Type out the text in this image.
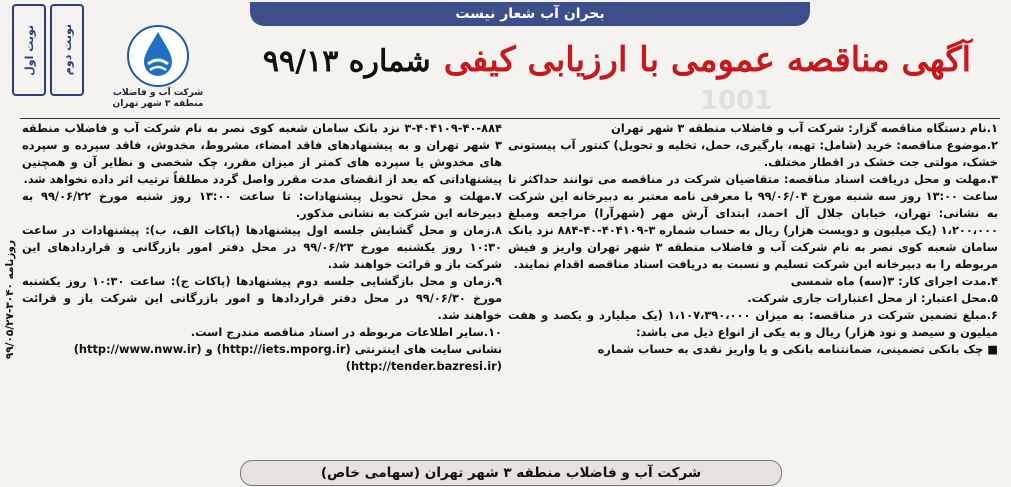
بحران آب شعار نیست
نوبت اول نوبت دوم
شرکت آب و فاضلاب
منطقه ۳ شهر تهران
آگهی مناقصه عمومی با ارزیابی کیفی شماره ۹۹/۱۳
1001

۱.نام دستگاه مناقصه گزار: شرکت آب و فاضلاب منطقه ۳ شهر تهران

۲.موضوع مناقصه: خرید (شامل: تهیه، بارگیری، حمل، تخلیه و تحویل) کنتور آب پیستونی خشک، مولتی جت خشک در اقطار مختلف.

۳.مهلت و محل دریافت اسناد مناقصه: متقاضیان شرکت در مناقصه می توانند حداکثر تا ساعت ۱۳:۰۰ روز سه شنبه مورخ ۹۹/۰۶/۰۴ با معرفی نامه معتبر به دبیرخانه این شرکت به نشانی: تهران، خیابان جلال آل احمد، ابتدای آرش مهر (شهرآرا) مراجعه ومبلغ ۱،۲۰۰،۰۰۰ (یک میلیون و دویست هزار) ریال به حساب شماره ۳-۴۰۴۱۰۹-۴۰-۸۸۴ نزد بانک سامان شعبه کوی نصر به نام شرکت آب و فاضلاب منطقه ۳ شهر تهران واریز و فیش مربوطه را به دبیرخانه این شرکت تسلیم و نسبت به دریافت اسناد مناقصه اقدام نمایند.

۴.مدت اجرای کار: ۳(سه) ماه شمسی

۵.محل اعتبار: از محل اعتبارات جاری شرکت.

۶.مبلغ تضمین شرکت در مناقصه: به میزان ۱،۱۰۷،۳۹۰،۰۰۰ (یک میلیارد و یکصد و هفت میلیون و سیصد و نود هزار) ریال و به یکی از انواع ذیل می باشد:

■ چک بانکی تضمینی، ضمانتنامه بانکی و یا واریز نقدی به حساب شماره

۳-۴۰۴۱۰۹-۴۰-۸۸۴ نزد بانک سامان شعبه کوی نصر به نام شرکت آب و فاضلاب منطقه ۳ شهر تهران و به پیشنهادهای فاقد امضاء، مشروط، مخدوش، فاقد سپرده و سپرده های مخدوش یا سپرده های کمتر از میزان مقرر، چک شخصی و نظایر آن و همچنین پیشنهاداتی که بعد از انقضای مدت مقرر واصل گردد مطلقاً ترتیب اثر داده نخواهد شد.

۷.مهلت و محل تحویل پیشنهادات: تا ساعت ۱۳:۰۰ روز شنبه مورخ ۹۹/۰۶/۲۲ به دبیرخانه این شرکت به نشانی مذکور.

۸.زمان و محل گشایش جلسه اول پیشنهادها (پاکات الف، ب): پیشنهادات در ساعت ۱۰:۳۰ روز یکشنبه مورخ ۹۹/۰۶/۲۳ در محل دفتر امور بازرگانی و قراردادهای این شرکت باز و قرائت خواهند شد.

۹.زمان و محل بازگشایی جلسه دوم پیشنهادها (پاکات ج): ساعت ۱۰:۳۰ روز یکشنبه مورخ ۹۹/۰۶/۳۰ در محل دفتر قراردادها و امور بازرگانی این شرکت باز و قرائت خواهند شد.

۱۰.سایر اطلاعات مربوطه در اسناد مناقصه مندرج است.

نشانی سایت های اینترنتی (http://iets.mporg.ir) و (http://www.nww.ir)

(http://tender.bazresi.ir)

روزنامه ۳۰۴۰-۹۹/۰۵/۲۷
شرکت آب و فاضلاب منطقه ۳ شهر تهران (سهامی خاص)
